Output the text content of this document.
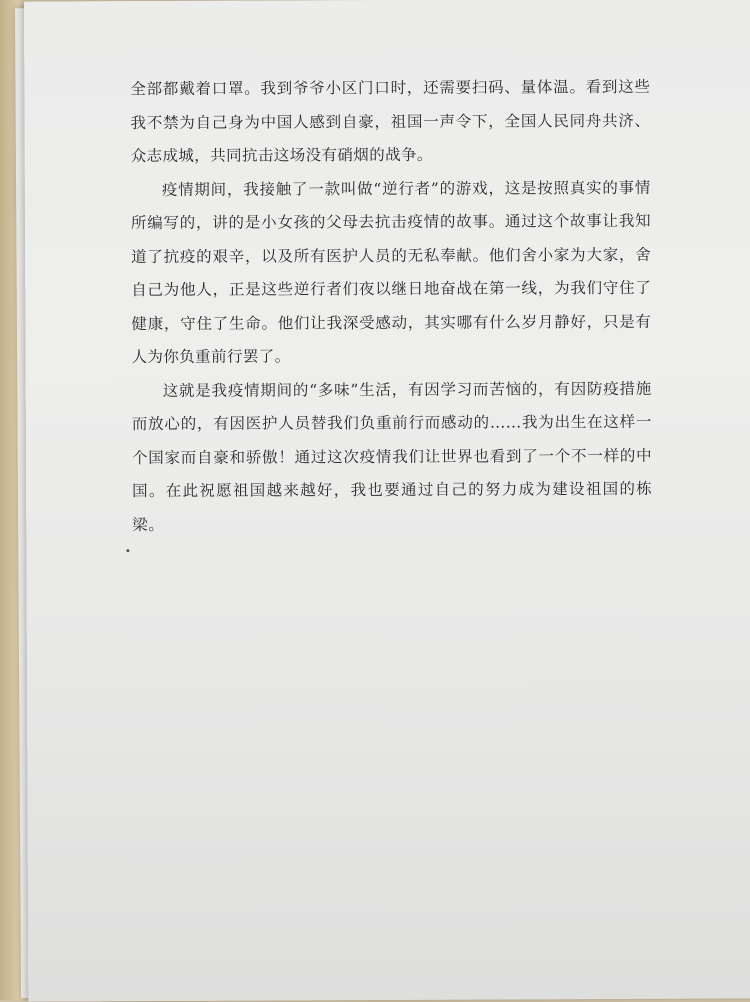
全部都戴着口罩。我到爷爷小区门口时，还需要扫码、量体温。看到这些我不禁为自己身为中国人感到自豪，祖国一声令下，全国人民同舟共济、众志成城，共同抗击这场没有硝烟的战争。

疫情期间，我接触了一款叫做“逆行者”的游戏，这是按照真实的事情所编写的，讲的是小女孩的父母去抗击疫情的故事。通过这个故事让我知道了抗疫的艰辛，以及所有医护人员的无私奉献。他们舍小家为大家，舍自己为他人，正是这些逆行者们夜以继日地奋战在第一线，为我们守住了健康，守住了生命。他们让我深受感动，其实哪有什么岁月静好，只是有人为你负重前行罢了。

这就是我疫情期间的“多味”生活，有因学习而苦恼的，有因防疫措施而放心的，有因医护人员替我们负重前行而感动的……我为出生在这样一个国家而自豪和骄傲！通过这次疫情我们让世界也看到了一个不一样的中国。在此祝愿祖国越来越好，我也要通过自己的努力成为建设祖国的栋梁。
